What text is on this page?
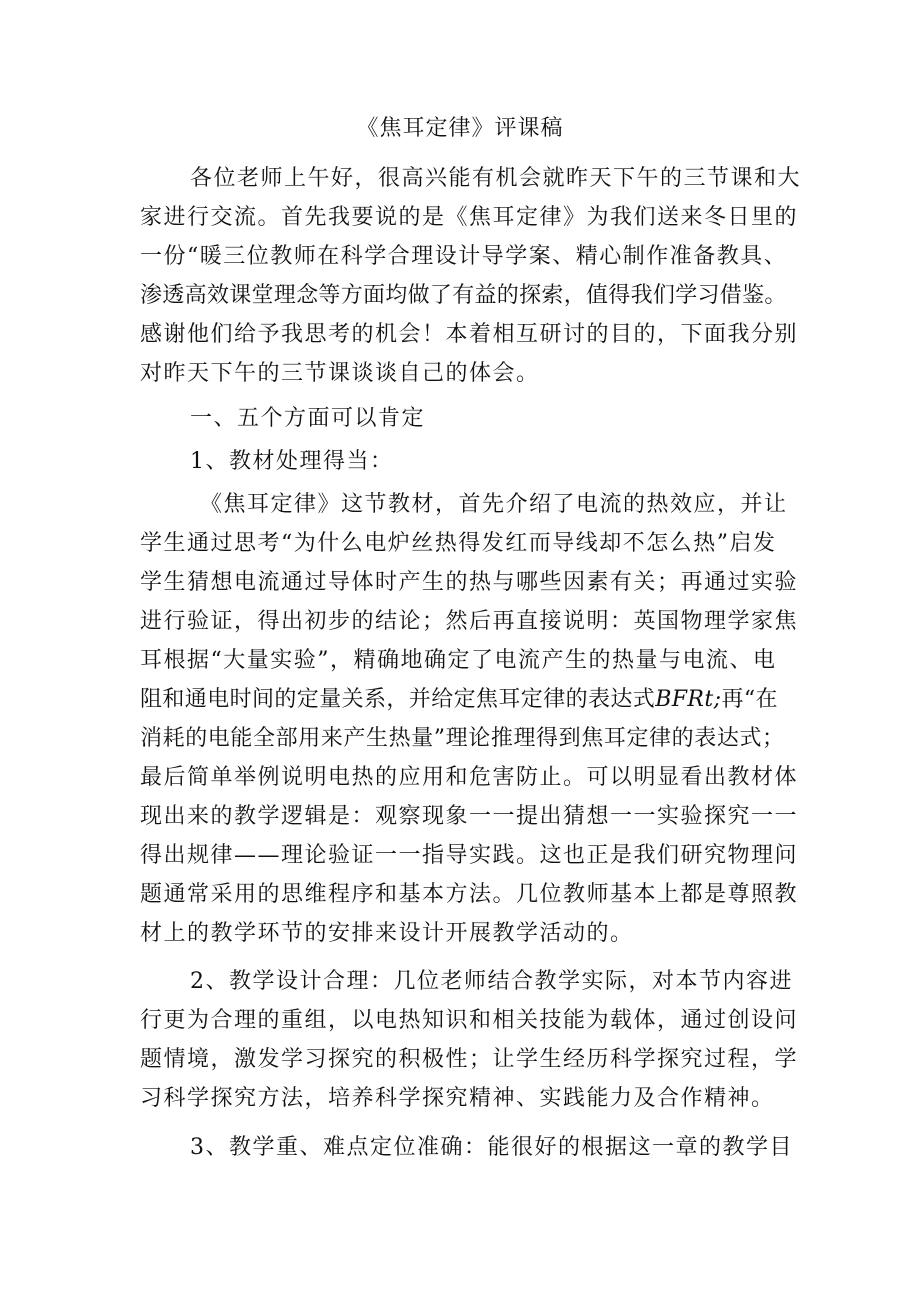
《焦耳定律》评课稿
各位老师上午好，很高兴能有机会就昨天下午的三节课和大
家进行交流。首先我要说的是《焦耳定律》为我们送来冬日里的
一份“暖三位教师在科学合理设计导学案、精心制作准备教具、
渗透高效课堂理念等方面均做了有益的探索，值得我们学习借鉴。
感谢他们给予我思考的机会！本着相互研讨的目的，下面我分别
对昨天下午的三节课谈谈自己的体会。
一、五个方面可以肯定
1、教材处理得当：
《焦耳定律》这节教材，首先介绍了电流的热效应，并让
学生通过思考“为什么电炉丝热得发红而导线却不怎么热”启发
学生猜想电流通过导体时产生的热与哪些因素有关；再通过实验
进行验证，得出初步的结论；然后再直接说明：英国物理学家焦
耳根据“大量实验”，精确地确定了电流产生的热量与电流、电
阻和通电时间的定量关系，并给定焦耳定律的表达式BFRt;再“在
消耗的电能全部用来产生热量”理论推理得到焦耳定律的表达式；
最后简单举例说明电热的应用和危害防止。可以明显看出教材体
现出来的教学逻辑是：观察现象一一提出猜想一一实验探究一一
得出规律——理论验证一一指导实践。这也正是我们研究物理问
题通常采用的思维程序和基本方法。几位教师基本上都是尊照教
材上的教学环节的安排来设计开展教学活动的。
2、教学设计合理：几位老师结合教学实际，对本节内容进
行更为合理的重组，以电热知识和相关技能为载体，通过创设问
题情境，激发学习探究的积极性；让学生经历科学探究过程，学
习科学探究方法，培养科学探究精神、实践能力及合作精神。
3、教学重、难点定位准确：能很好的根据这一章的教学目
